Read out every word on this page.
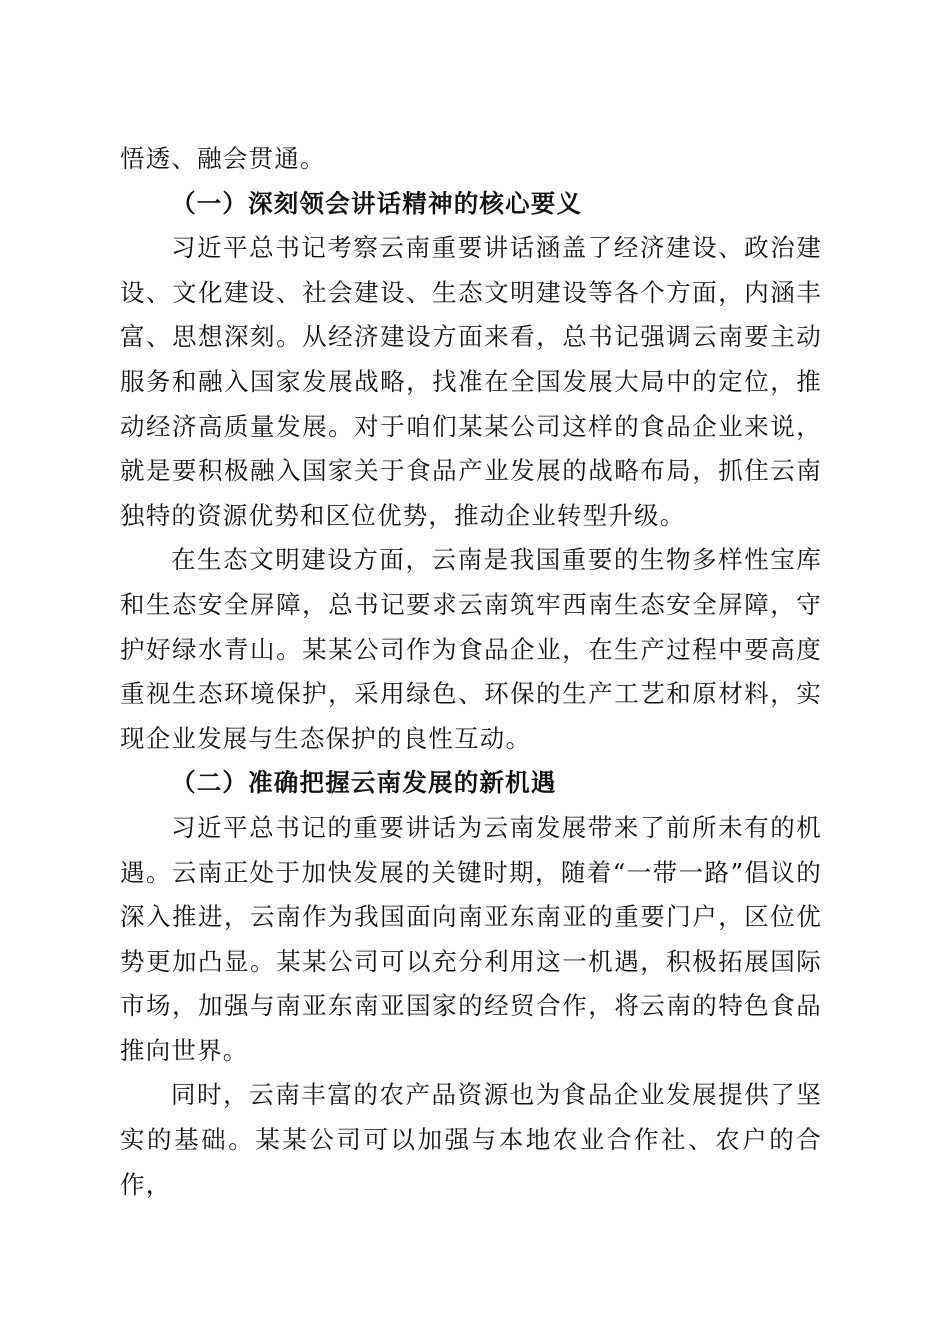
悟透、融会贯通。

（一）深刻领会讲话精神的核心要义

习近平总书记考察云南重要讲话涵盖了经济建设、政治建设、文化建设、社会建设、生态文明建设等各个方面，内涵丰富、思想深刻。从经济建设方面来看，总书记强调云南要主动服务和融入国家发展战略，找准在全国发展大局中的定位，推动经济高质量发展。对于咱们某某公司这样的食品企业来说，就是要积极融入国家关于食品产业发展的战略布局，抓住云南独特的资源优势和区位优势，推动企业转型升级。

在生态文明建设方面，云南是我国重要的生物多样性宝库和生态安全屏障，总书记要求云南筑牢西南生态安全屏障，守护好绿水青山。某某公司作为食品企业，在生产过程中要高度重视生态环境保护，采用绿色、环保的生产工艺和原材料，实现企业发展与生态保护的良性互动。

（二）准确把握云南发展的新机遇

习近平总书记的重要讲话为云南发展带来了前所未有的机遇。云南正处于加快发展的关键时期，随着“一带一路”倡议的深入推进，云南作为我国面向南亚东南亚的重要门户，区位优势更加凸显。某某公司可以充分利用这一机遇，积极拓展国际市场，加强与南亚东南亚国家的经贸合作，将云南的特色食品推向世界。

同时，云南丰富的农产品资源也为食品企业发展提供了坚实的基础。某某公司可以加强与本地农业合作社、农户的合作，
